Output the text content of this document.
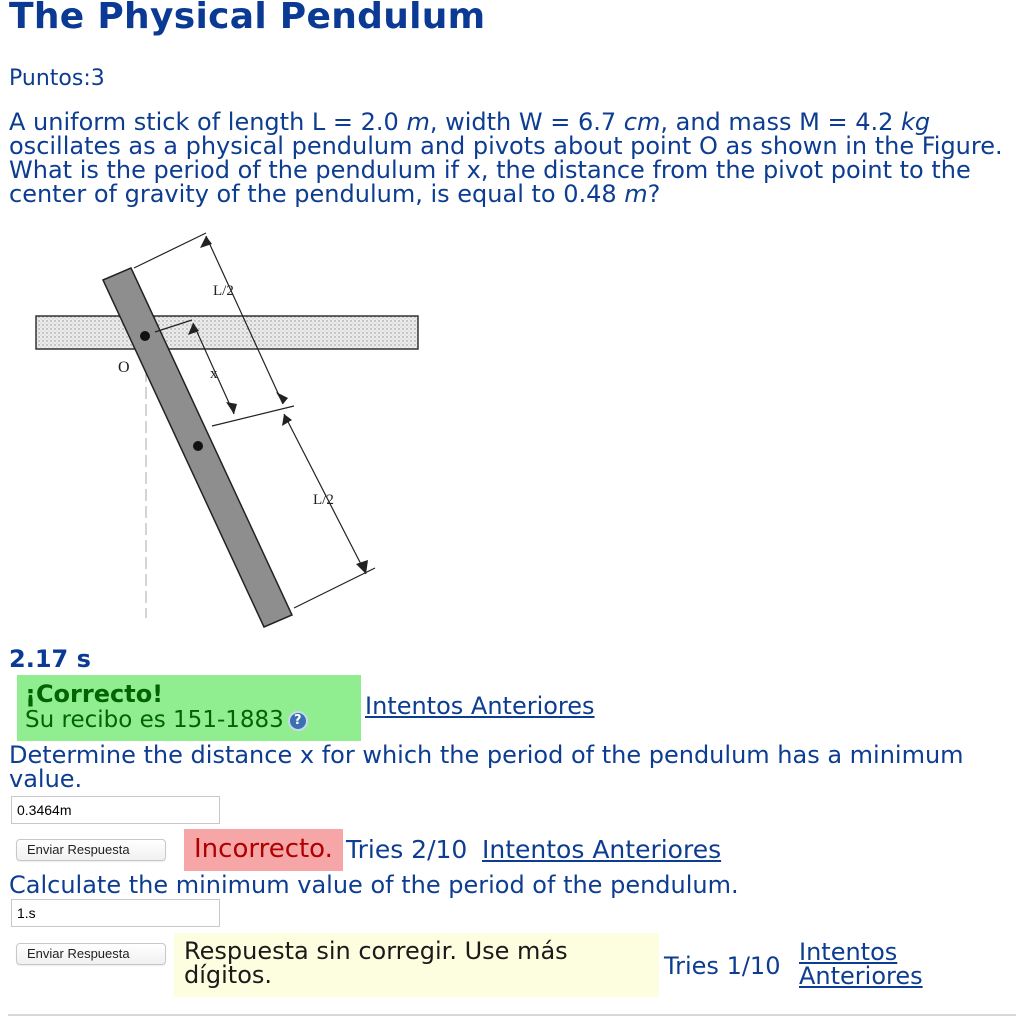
The Physical Pendulum
Puntos:3
A uniform stick of length L = 2.0 m, width W = 6.7 cm, and mass M = 4.2 kg oscillates as a physical pendulum and pivots about point O as shown in the Figure. What is the period of the pendulum if x, the distance from the pivot point to the center of gravity of the pendulum, is equal to 0.48 m?
L/2
L/2
x
O
2.17 s
¡Correcto!
Su recibo es 151-1883 ?	Intentos Anteriores
Determine the distance x for which the period of the pendulum has a minimum value.
0.3464m
Enviar Respuesta	Incorrecto. Tries 2/10 Intentos Anteriores
Calculate the minimum value of the period of the pendulum.
1.s
Enviar Respuesta	Respuesta sin corregir. Use más dígitos.	Tries 1/10 Intentos Anteriores
